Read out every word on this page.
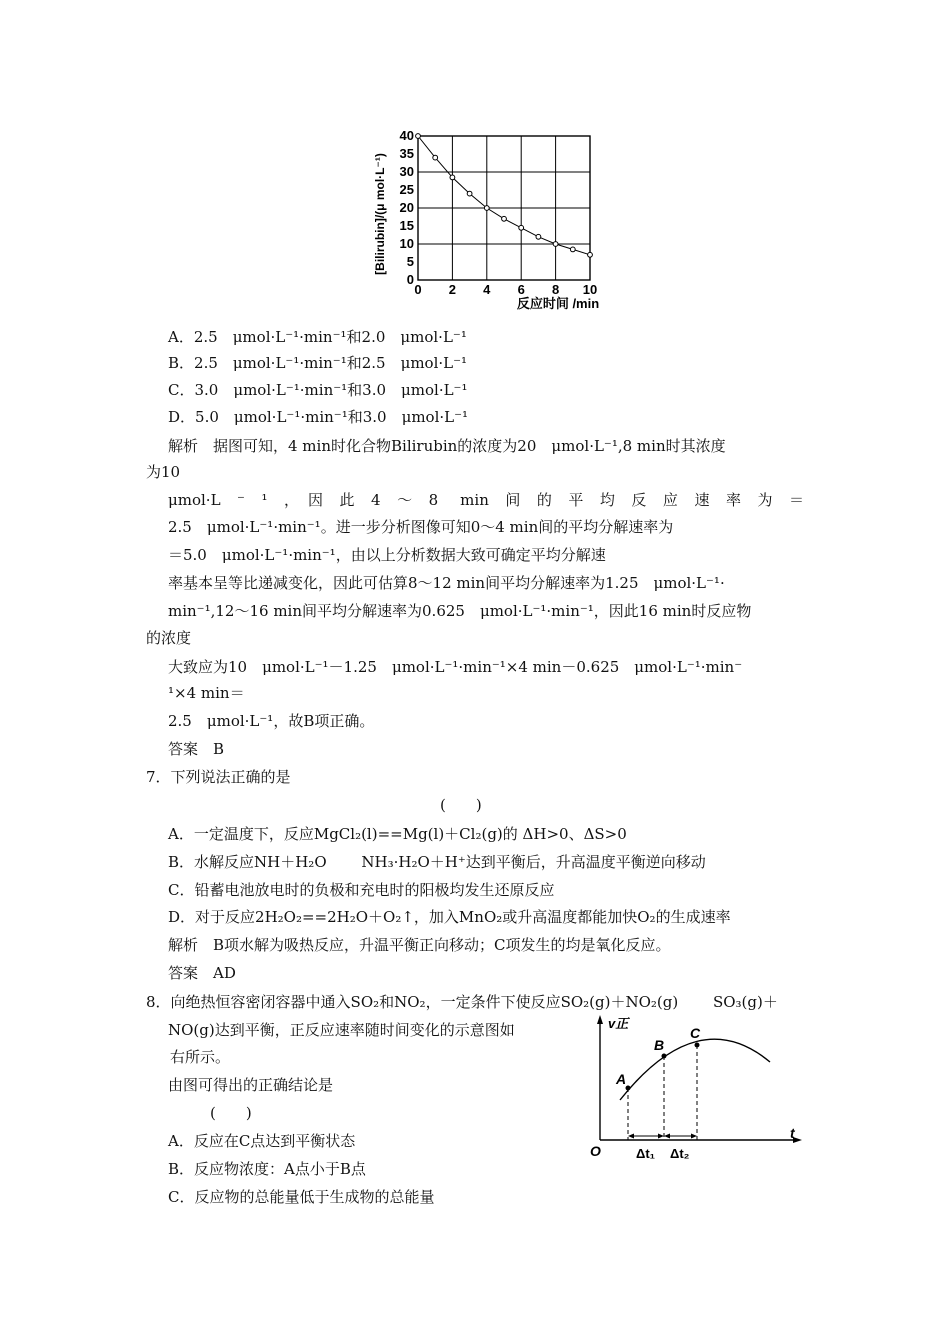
0 2 4 6 8 10
0
5
10
15
20
25
30
35
40
[Bilirubin]/(μ mol·L⁻¹)
反应时间 /min
A．2.5　μmol·L⁻¹·min⁻¹和2.0　μmol·L⁻¹
B．2.5　μmol·L⁻¹·min⁻¹和2.5　μmol·L⁻¹
C．3.0　μmol·L⁻¹·min⁻¹和3.0　μmol·L⁻¹
D．5.0　μmol·L⁻¹·min⁻¹和3.0　μmol·L⁻¹
解析　据图可知，4 min时化合物Bilirubin的浓度为20　μmol·L⁻¹,8 min时其浓度
为10
μmol·L　⁻　¹　，　因　此　4　～　8　 min　间　的　平　均　反　应　速　率　为　＝
2.5　μmol·L⁻¹·min⁻¹。进一步分析图像可知0～4 min间的平均分解速率为
＝5.0　μmol·L⁻¹·min⁻¹，由以上分析数据大致可确定平均分解速
率基本呈等比递减变化，因此可估算8～12 min间平均分解速率为1.25　μmol·L⁻¹·
min⁻¹,12～16 min间平均分解速率为0.625　μmol·L⁻¹·min⁻¹，因此16 min时反应物
的浓度
大致应为10　μmol·L⁻¹－1.25　μmol·L⁻¹·min⁻¹×4 min－0.625　μmol·L⁻¹·min⁻
¹×4 min＝
2.5　μmol·L⁻¹，故B项正确。
答案　B
7．下列说法正确的是
(　　)
A．一定温度下，反应MgCl₂(l)==Mg(l)＋Cl₂(g)的 ΔH>0、ΔS>0
B．水解反应NH＋H₂O　　 NH₃·H₂O＋H⁺达到平衡后，升高温度平衡逆向移动
C．铅蓄电池放电时的负极和充电时的阳极均发生还原反应
D．对于反应2H₂O₂==2H₂O＋O₂↑，加入MnO₂或升高温度都能加快O₂的生成速率
解析　B项水解为吸热反应，升温平衡正向移动；C项发生的均是氧化反应。
答案　AD
8．向绝热恒容密闭容器中通入SO₂和NO₂，一定条件下使反应SO₂(g)＋NO₂(g)　　 SO₃(g)＋
NO(g)达到平衡，正反应速率随时间变化的示意图如
右所示。
由图可得出的正确结论是
(　　)
A．反应在C点达到平衡状态
B．反应物浓度：A点小于B点
C．反应物的总能量低于生成物的总能量
v正
t
O
A
B
C
Δt₁ Δt₂
